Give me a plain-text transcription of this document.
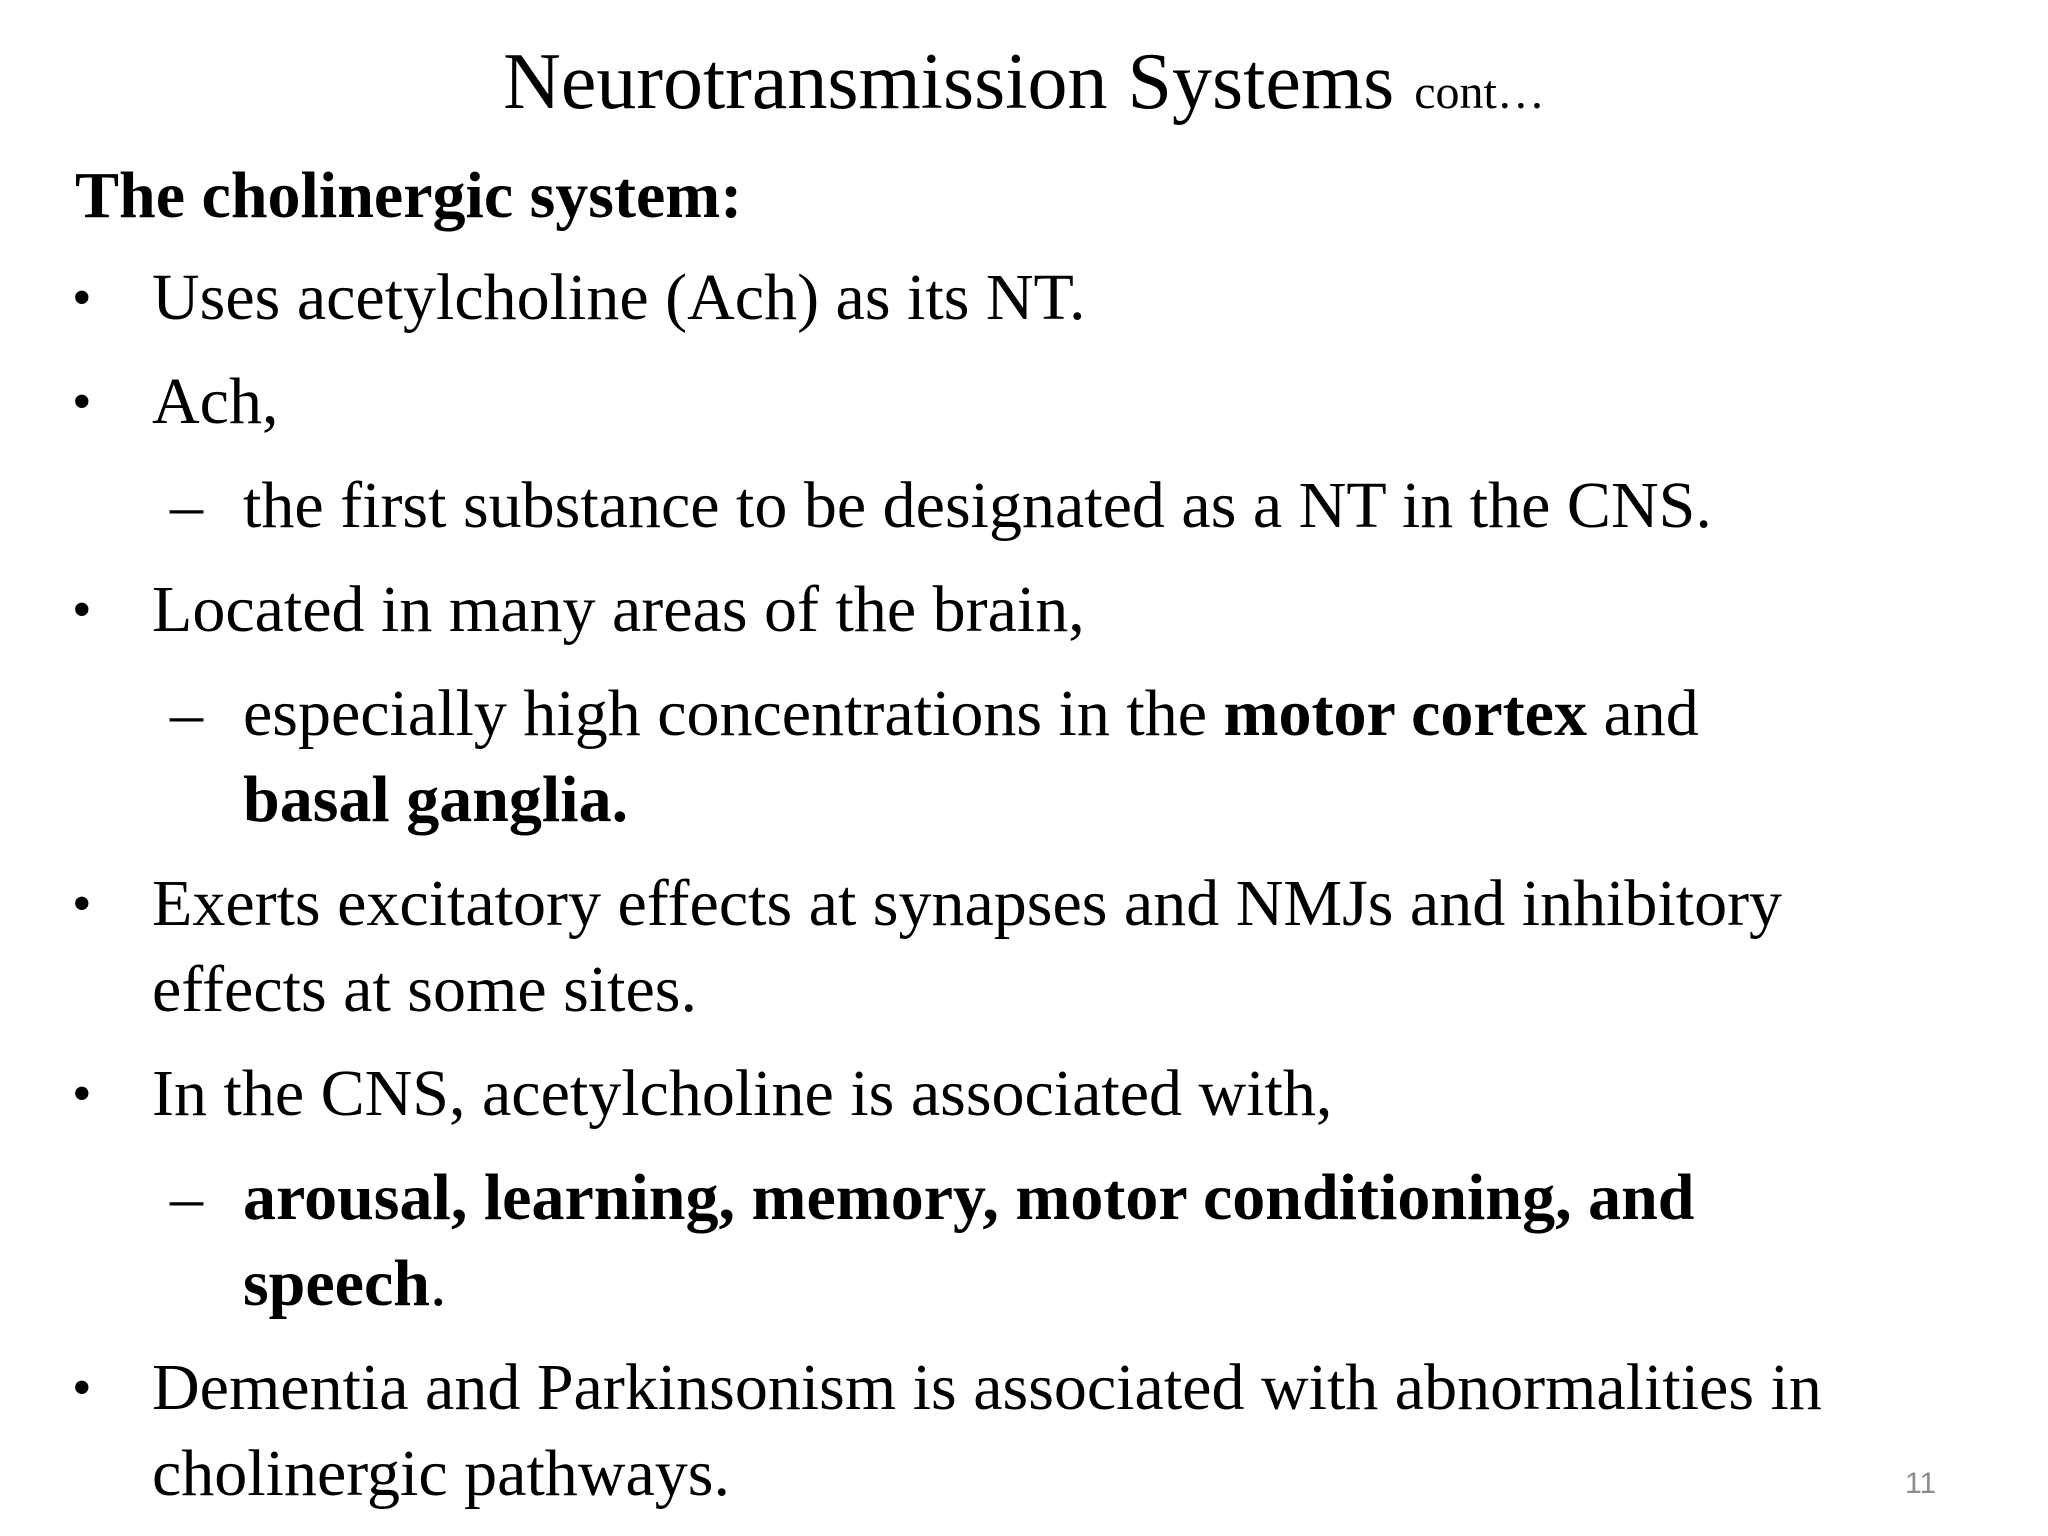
Neurotransmission Systems cont…
The cholinergic system:
• Uses acetylcholine (Ach) as its NT.
• Ach,
– the first substance to be designated as a NT in the CNS.
• Located in many areas of the brain,
– especially high concentrations in the motor cortex and
basal ganglia.
• Exerts excitatory effects at synapses and NMJs and inhibitory
effects at some sites.
• In the CNS, acetylcholine is associated with,
– arousal, learning, memory, motor conditioning, and
speech.
• Dementia and Parkinsonism is associated with abnormalities in
cholinergic pathways.	11
